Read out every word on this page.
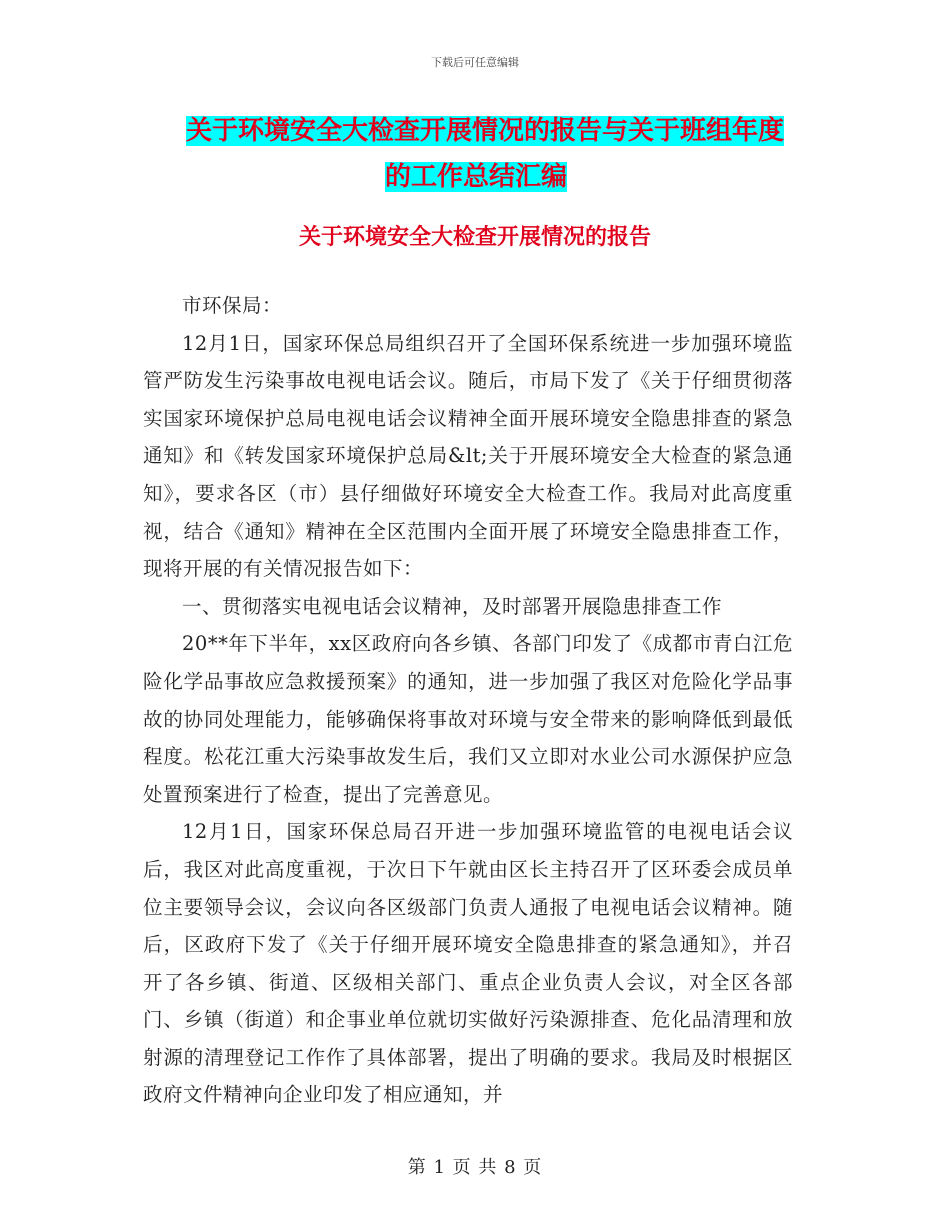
下载后可任意编辑
关于环境安全大检查开展情况的报告与关于班组年度
的工作总结汇编
关于环境安全大检查开展情况的报告

市环保局：

12月1日，国家环保总局组织召开了全国环保系统进一步加强环境监管严防发生污染事故电视电话会议。随后，市局下发了《关于仔细贯彻落实国家环境保护总局电视电话会议精神全面开展环境安全隐患排查的紧急通知》和《转发国家环境保护总局&lt;关于开展环境安全大检查的紧急通知》，要求各区（市）县仔细做好环境安全大检查工作。我局对此高度重视，结合《通知》精神在全区范围内全面开展了环境安全隐患排查工作，现将开展的有关情况报告如下：

一、贯彻落实电视电话会议精神，及时部署开展隐患排查工作

20**年下半年，xx区政府向各乡镇、各部门印发了《成都市青白江危险化学品事故应急救援预案》的通知，进一步加强了我区对危险化学品事故的协同处理能力，能够确保将事故对环境与安全带来的影响降低到最低程度。松花江重大污染事故发生后，我们又立即对水业公司水源保护应急处置预案进行了检查，提出了完善意见。

12月1日，国家环保总局召开进一步加强环境监管的电视电话会议后，我区对此高度重视，于次日下午就由区长主持召开了区环委会成员单位主要领导会议，会议向各区级部门负责人通报了电视电话会议精神。随后，区政府下发了《关于仔细开展环境安全隐患排查的紧急通知》，并召开了各乡镇、街道、区级相关部门、重点企业负责人会议，对全区各部门、乡镇（街道）和企事业单位就切实做好污染源排查、危化品清理和放射源的清理登记工作作了具体部署，提出了明确的要求。我局及时根据区政府文件精神向企业印发了相应通知，并

第 1 页 共 8 页
